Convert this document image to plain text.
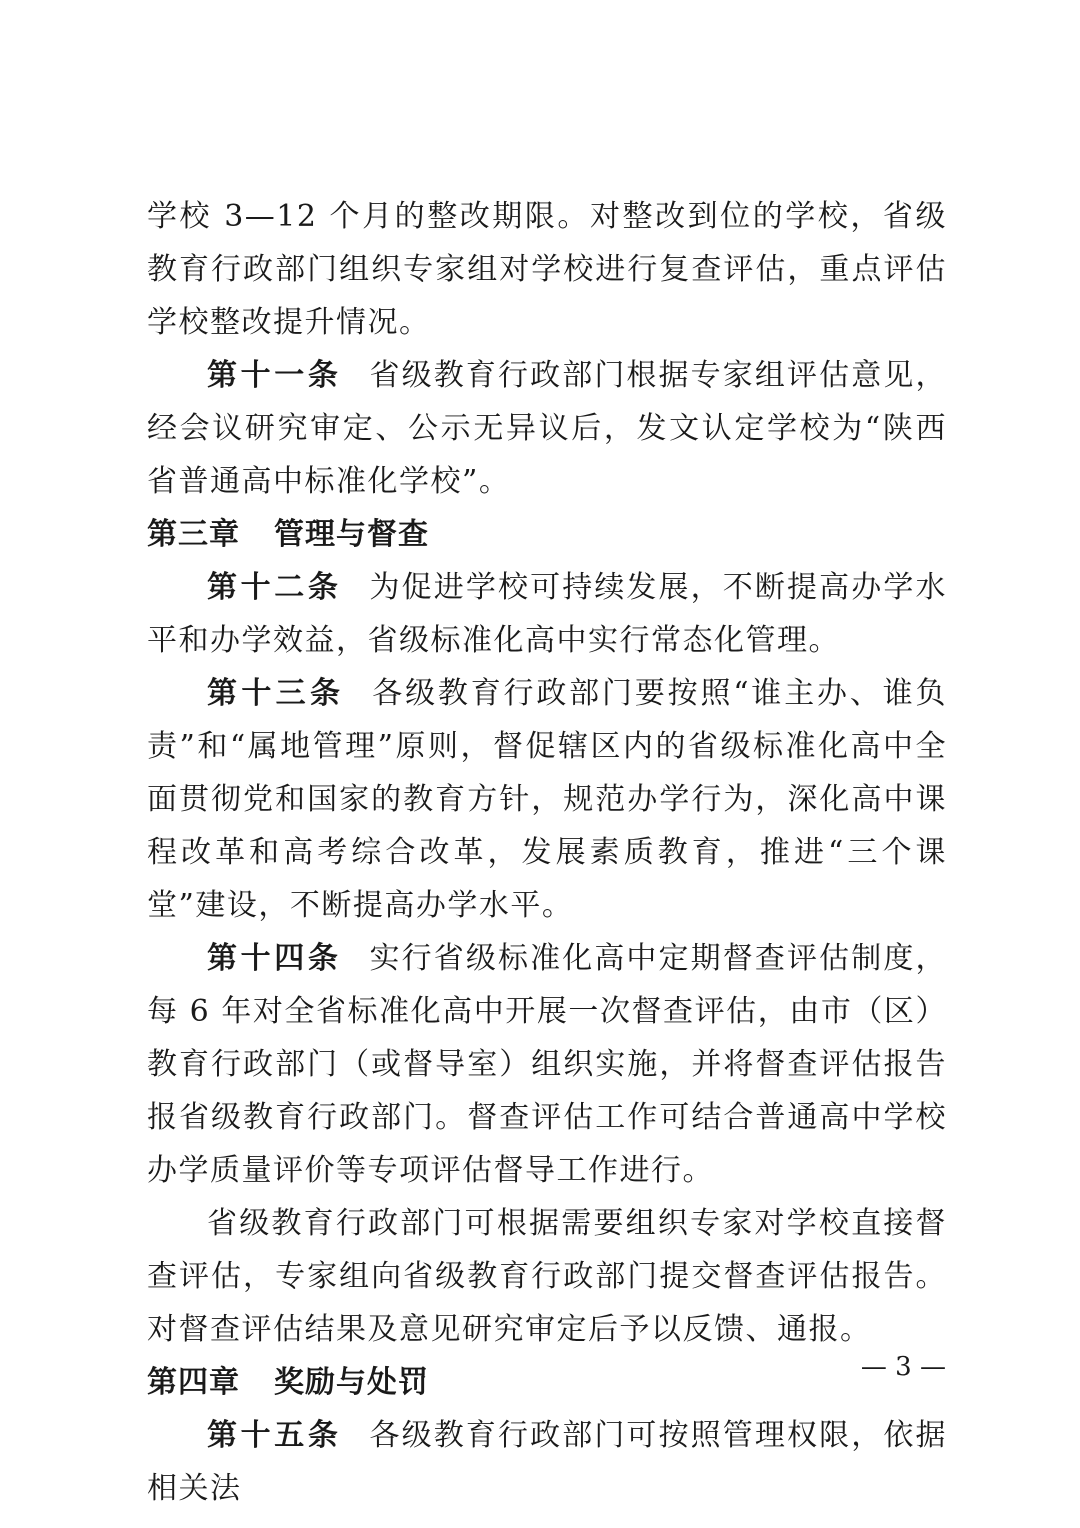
学校 3—12 个月的整改期限。对整改到位的学校，省级教育行政部门组织专家组对学校进行复查评估，重点评估学校整改提升情况。

第十一条 省级教育行政部门根据专家组评估意见，经会议研究审定、公示无异议后，发文认定学校为“陕西省普通高中标准化学校”。

第三章 管理与督查

第十二条 为促进学校可持续发展，不断提高办学水平和办学效益，省级标准化高中实行常态化管理。

第十三条 各级教育行政部门要按照“谁主办、谁负责”和“属地管理”原则，督促辖区内的省级标准化高中全面贯彻党和国家的教育方针，规范办学行为，深化高中课程改革和高考综合改革，发展素质教育，推进“三个课堂”建设，不断提高办学水平。

第十四条 实行省级标准化高中定期督查评估制度，每 6 年对全省标准化高中开展一次督查评估，由市（区）教育行政部门（或督导室）组织实施，并将督查评估报告报省级教育行政部门。督查评估工作可结合普通高中学校办学质量评价等专项评估督导工作进行。

省级教育行政部门可根据需要组织专家对学校直接督查评估，专家组向省级教育行政部门提交督查评估报告。对督查评估结果及意见研究审定后予以反馈、通报。

第四章 奖励与处罚

第十五条 各级教育行政部门可按照管理权限，依据相关法

— 3 —
